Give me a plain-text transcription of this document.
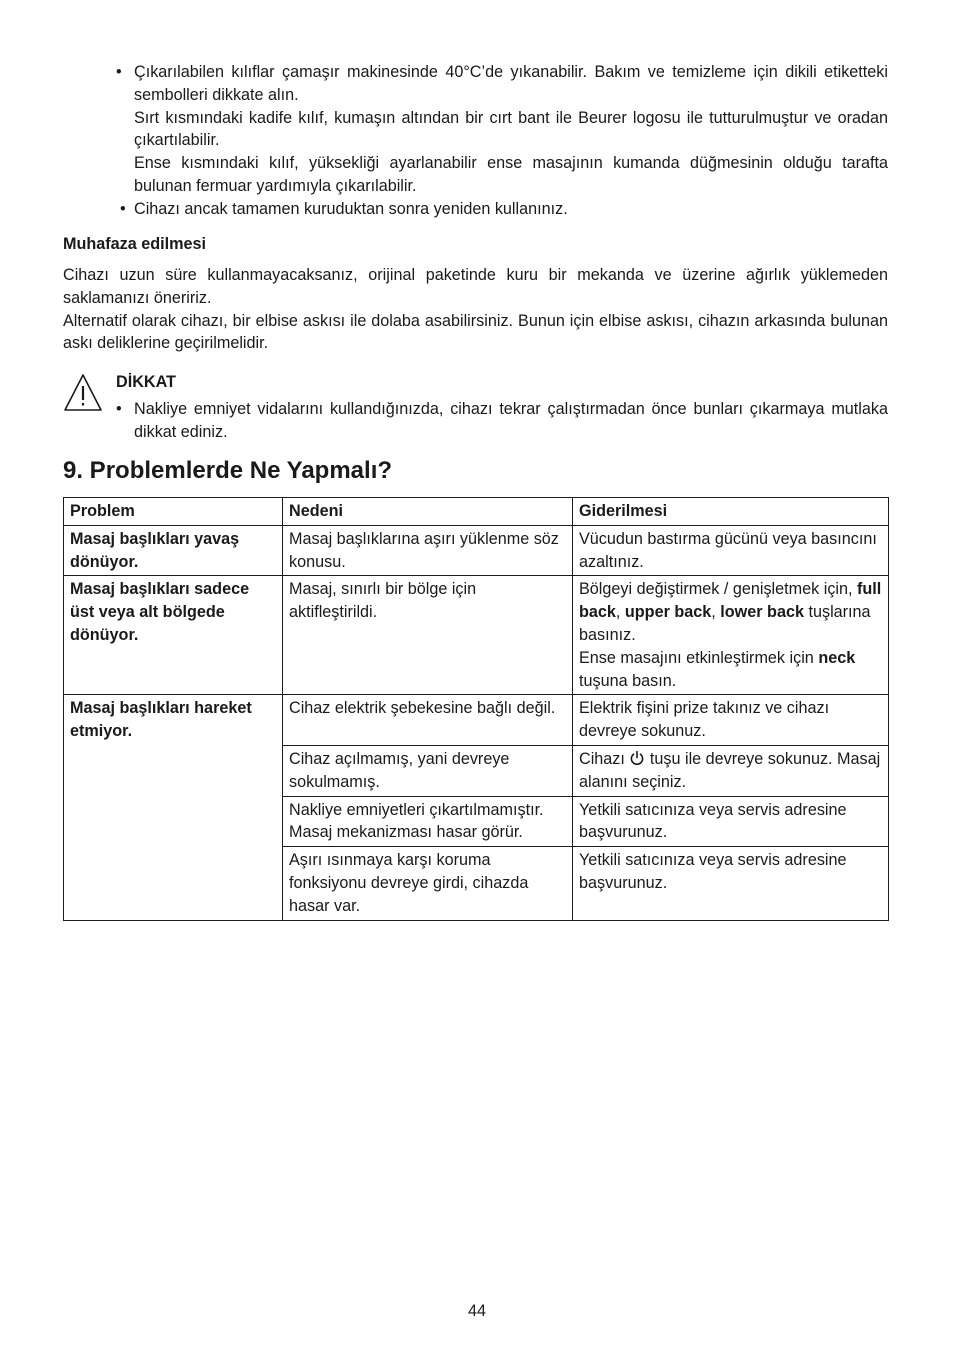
• Çıkarılabilen kılıflar çamaşır makinesinde 40°C’de yıkanabilir. Bakım ve temizleme için dikili etiketteki sembolleri dikkate alın.
Sırt kısmındaki kadife kılıf, kumaşın altından bir cırt bant ile Beurer logosu ile tutturulmuştur ve oradan çıkartılabilir.
Ense kısmındaki kılıf, yüksekliği ayarlanabilir ense masajının kumanda düğmesinin olduğu tarafta bulunan fermuar yardımıyla çıkarılabilir.
• Cihazı ancak tamamen kuruduktan sonra yeniden kullanınız.
Muhafaza edilmesi

Cihazı uzun süre kullanmayacaksanız, orijinal paketinde kuru bir mekanda ve üzerine ağırlık yüklemeden saklamanızı öneririz.

Alternatif olarak cihazı, bir elbise askısı ile dolaba asabilirsiniz. Bunun için elbise askısı, cihazın arkasında bulunan askı deliklerine geçirilmelidir.

DİKKAT
• Nakliye emniyet vidalarını kullandığınızda, cihazı tekrar çalıştırmadan önce bunları çıkarmaya mutlaka dikkat ediniz.
9. Problemlerde Ne Yapmalı?
Problem	Nedeni	Giderilmesi
Masaj başlıkları yavaş dönüyor.	Masaj başlıklarına aşırı yüklenme söz konusu.	Vücudun bastırma gücünü veya basıncını azaltınız.
Masaj başlıkları sadece üst veya alt bölgede dönüyor.	Masaj, sınırlı bir bölge için aktifleştirildi.	Bölgeyi değiştirmek / genişletmek için, full back, upper back, lower back tuşlarına basınız.
Ense masajını etkinleştirmek için neck tuşuna basın.
Masaj başlıkları hareket etmiyor.	Cihaz elektrik şebekesine bağlı değil.	Elektrik fişini prize takınız ve cihazı devreye sokunuz.
	Cihaz açılmamış, yani devreye sokulmamış.	Cihazı tuşu ile devreye sokunuz. Masaj alanını seçiniz.
	Nakliye emniyetleri çıkartılmamıştır. Masaj mekanizması hasar görür.	Yetkili satıcınıza veya servis adresine başvurunuz.
	Aşırı ısınmaya karşı koruma fonksiyonu devreye girdi, cihazda hasar var.	Yetkili satıcınıza veya servis adresine başvurunuz.
44
